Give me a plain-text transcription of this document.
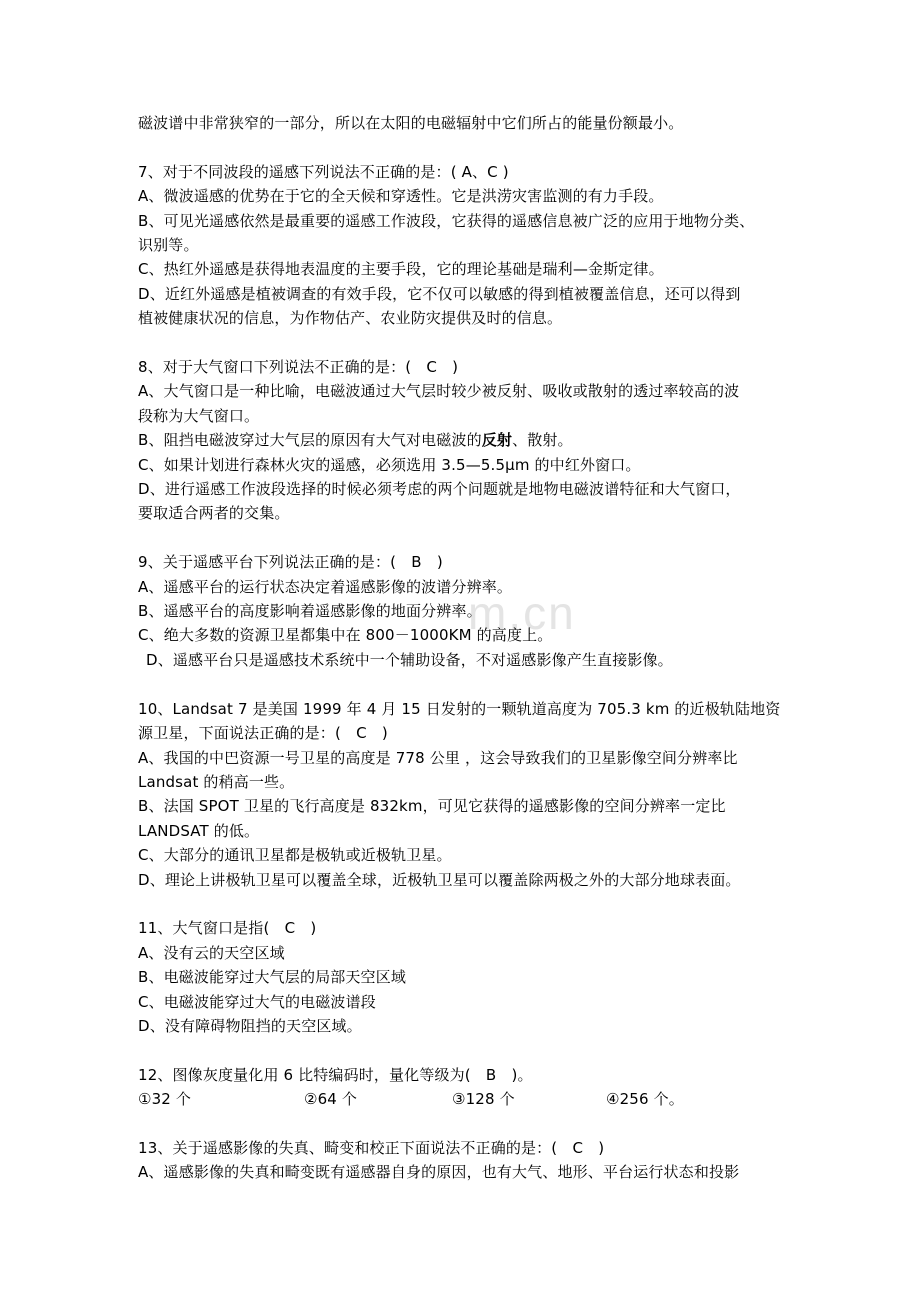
m.cn
磁波谱中非常狭窄的一部分，所以在太阳的电磁辐射中它们所占的能量份额最小。
7、对于不同波段的遥感下列说法不正确的是：( A、C )
A、微波遥感的优势在于它的全天候和穿透性。它是洪涝灾害监测的有力手段。
B、可见光遥感依然是最重要的遥感工作波段，它获得的遥感信息被广泛的应用于地物分类、
识别等。
C、热红外遥感是获得地表温度的主要手段，它的理论基础是瑞利—金斯定律。
D、近红外遥感是植被调查的有效手段，它不仅可以敏感的得到植被覆盖信息，还可以得到
植被健康状况的信息，为作物估产、农业防灾提供及时的信息。
8、对于大气窗口下列说法不正确的是：(　C　)
A、大气窗口是一种比喻，电磁波通过大气层时较少被反射、吸收或散射的透过率较高的波
段称为大气窗口。
B、阻挡电磁波穿过大气层的原因有大气对电磁波的反射、散射。
C、如果计划进行森林火灾的遥感，必须选用 3.5—5.5μm 的中红外窗口。
D、进行遥感工作波段选择的时候必须考虑的两个问题就是地物电磁波谱特征和大气窗口，
要取适合两者的交集。
9、关于遥感平台下列说法正确的是：(　B　)
A、遥感平台的运行状态决定着遥感影像的波谱分辨率。
B、遥感平台的高度影响着遥感影像的地面分辨率。
C、绝大多数的资源卫星都集中在 800－1000KM 的高度上。
D、遥感平台只是遥感技术系统中一个辅助设备，不对遥感影像产生直接影像。
10、Landsat 7 是美国 1999 年 4 月 15 日发射的一颗轨道高度为 705.3 km 的近极轨陆地资
源卫星，下面说法正确的是：(　C　)
A、我国的中巴资源一号卫星的高度是 778 公里 ，这会导致我们的卫星影像空间分辨率比
Landsat 的稍高一些。
B、法国 SPOT 卫星的飞行高度是 832km，可见它获得的遥感影像的空间分辨率一定比
LANDSAT 的低。
C、大部分的通讯卫星都是极轨或近极轨卫星。
D、理论上讲极轨卫星可以覆盖全球，近极轨卫星可以覆盖除两极之外的大部分地球表面。
11、大气窗口是指(　C　)
A、没有云的天空区域
B、电磁波能穿过大气层的局部天空区域
C、电磁波能穿过大气的电磁波谱段
D、没有障碍物阻挡的天空区域。
12、图像灰度量化用 6 比特编码时，量化等级为(　B　)。
①32 个	②64 个	③128 个	④256 个。
13、关于遥感影像的失真、畸变和校正下面说法不正确的是：(　C　)
A、遥感影像的失真和畸变既有遥感器自身的原因，也有大气、地形、平台运行状态和投影
